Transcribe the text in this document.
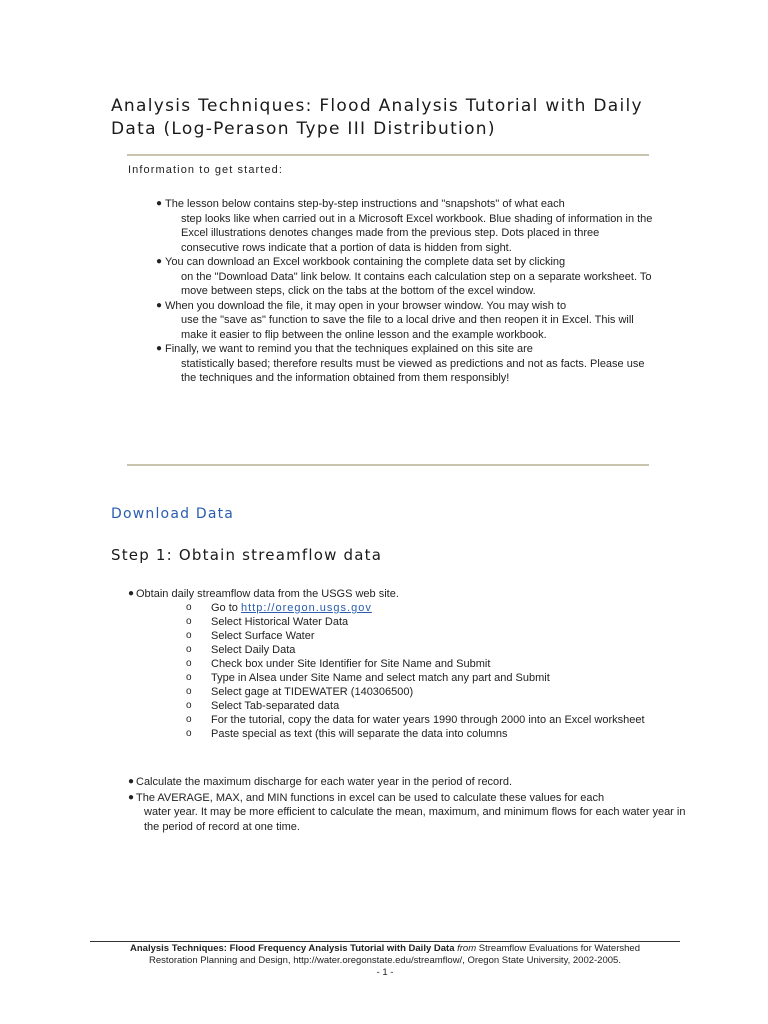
Analysis Techniques: Flood Analysis Tutorial with Daily Data (Log-Perason Type III Distribution)
Information to get started:
● The lesson below contains step-by-step instructions and "snapshots" of what each
step looks like when carried out in a Microsoft Excel workbook. Blue shading of information in the Excel illustrations denotes changes made from the previous step. Dots placed in three consecutive rows indicate that a portion of data is hidden from sight.
● You can download an Excel workbook containing the complete data set by clicking
on the "Download Data" link below. It contains each calculation step on a separate worksheet. To move between steps, click on the tabs at the bottom of the excel window.
● When you download the file, it may open in your browser window. You may wish to
use the "save as" function to save the file to a local drive and then reopen it in Excel. This will make it easier to flip between the online lesson and the example workbook.
● Finally, we want to remind you that the techniques explained on this site are
statistically based; therefore results must be viewed as predictions and not as facts. Please use the techniques and the information obtained from them responsibly!
Download Data
Step 1: Obtain streamflow data
● Obtain daily streamflow data from the USGS web site.
o Go to http://oregon.usgs.gov
o Select Historical Water Data
o Select Surface Water
o Select Daily Data
o Check box under Site Identifier for Site Name and Submit
o Type in Alsea under Site Name and select match any part and Submit
o Select gage at TIDEWATER (140306500)
o Select Tab-separated data
o For the tutorial, copy the data for water years 1990 through 2000 into an Excel worksheet
o Paste special as text (this will separate the data into columns
● Calculate the maximum discharge for each water year in the period of record.
● The AVERAGE, MAX, and MIN functions in excel can be used to calculate these values for each
water year. It may be more efficient to calculate the mean, maximum, and minimum flows for each water year in the period of record at one time.
Analysis Techniques: Flood Frequency Analysis Tutorial with Daily Data from Streamflow Evaluations for Watershed
Restoration Planning and Design, http://water.oregonstate.edu/streamflow/, Oregon State University, 2002-2005.
- 1 -
